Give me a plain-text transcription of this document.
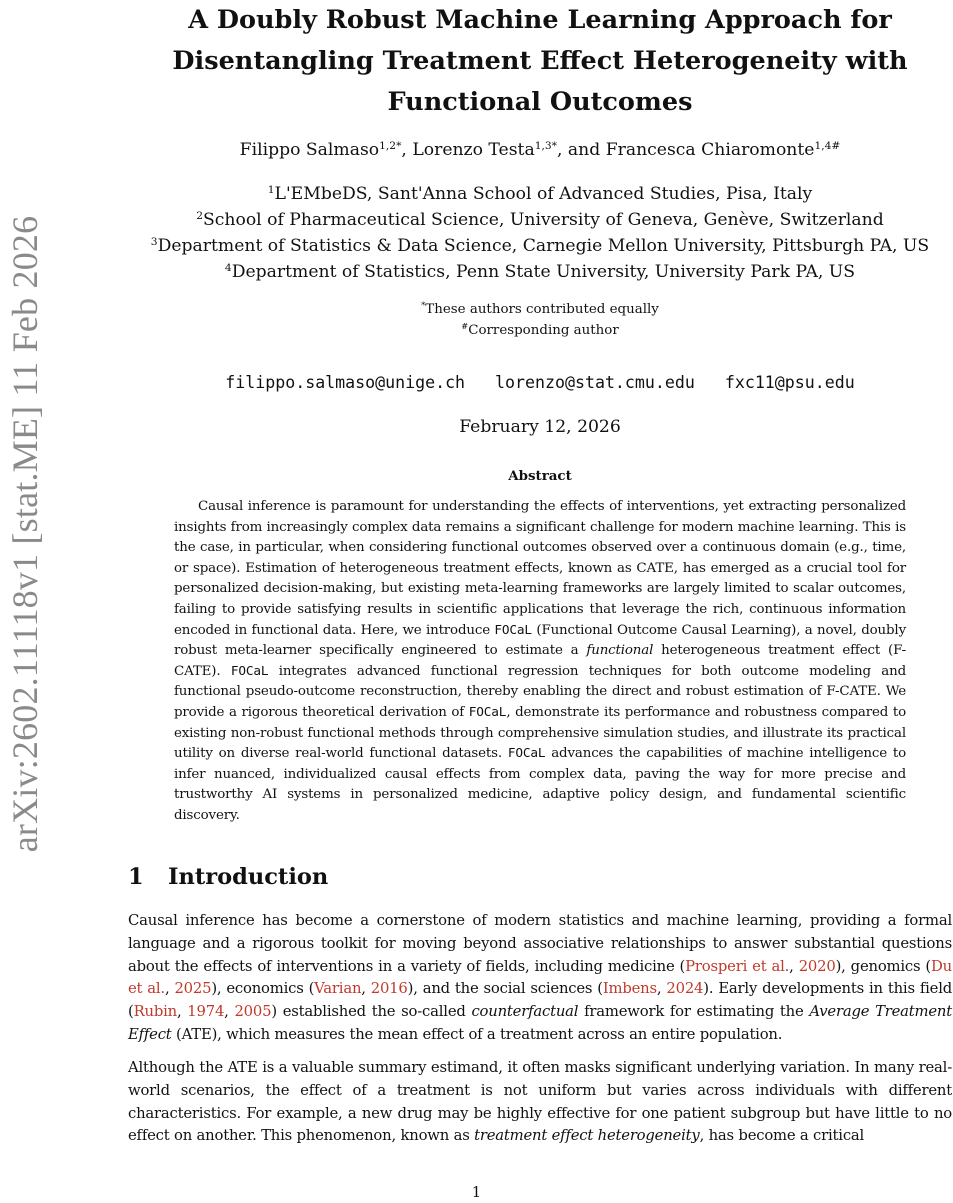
arXiv:2602.11118v1 [stat.ME] 11 Feb 2026
A Doubly Robust Machine Learning Approach for
Disentangling Treatment Effect Heterogeneity with
Functional Outcomes
Filippo Salmaso$^{1,2*}$, Lorenzo Testa$^{1,3*}$, and Francesca Chiaromonte$^{1,4\#}$
$^1$L'EMbeDS, Sant'Anna School of Advanced Studies, Pisa, Italy
$^2$School of Pharmaceutical Science, University of Geneva, Genève, Switzerland
$^3$Department of Statistics & Data Science, Carnegie Mellon University, Pittsburgh PA, US
$^4$Department of Statistics, Penn State University, University Park PA, US
*These authors contributed equally
#Corresponding author
filippo.salmaso@unige.ch lorenzo@stat.cmu.edu fxc11@psu.edu
February 12, 2026
Abstract

Causal inference is paramount for understanding the effects of interventions, yet extracting personalized insights from increasingly complex data remains a significant challenge for modern machine learning. This is the case, in particular, when considering functional outcomes observed over a continuous domain (e.g., time, or space). Estimation of heterogeneous treatment effects, known as CATE, has emerged as a crucial tool for personalized decision-making, but existing meta-learning frameworks are largely limited to scalar outcomes, failing to provide satisfying results in scientific applications that leverage the rich, continuous information encoded in functional data. Here, we introduce FOCaL (Functional Outcome Causal Learning), a novel, doubly robust meta-learner specifically engineered to estimate a functional heterogeneous treatment effect (F-CATE). FOCaL integrates advanced functional regression techniques for both outcome modeling and functional pseudo-outcome reconstruction, thereby enabling the direct and robust estimation of F-CATE. We provide a rigorous theoretical derivation of FOCaL, demonstrate its performance and robustness compared to existing non-robust functional methods through comprehensive simulation studies, and illustrate its practical utility on diverse real-world functional datasets. FOCaL advances the capabilities of machine intelligence to infer nuanced, individualized causal effects from complex data, paving the way for more precise and trustworthy AI systems in personalized medicine, adaptive policy design, and fundamental scientific discovery.

1 Introduction

Causal inference has become a cornerstone of modern statistics and machine learning, providing a formal language and a rigorous toolkit for moving beyond associative relationships to answer substantial questions about the effects of interventions in a variety of fields, including medicine (Prosperi et al., 2020), genomics (Du et al., 2025), economics (Varian, 2016), and the social sciences (Imbens, 2024). Early developments in this field (Rubin, 1974, 2005) established the so-called counterfactual framework for estimating the Average Treatment Effect (ATE), which measures the mean effect of a treatment across an entire population.

Although the ATE is a valuable summary estimand, it often masks significant underlying variation. In many real-world scenarios, the effect of a treatment is not uniform but varies across individuals with different characteristics. For example, a new drug may be highly effective for one patient subgroup but have little to no effect on another. This phenomenon, known as treatment effect heterogeneity, has become a critical

1
